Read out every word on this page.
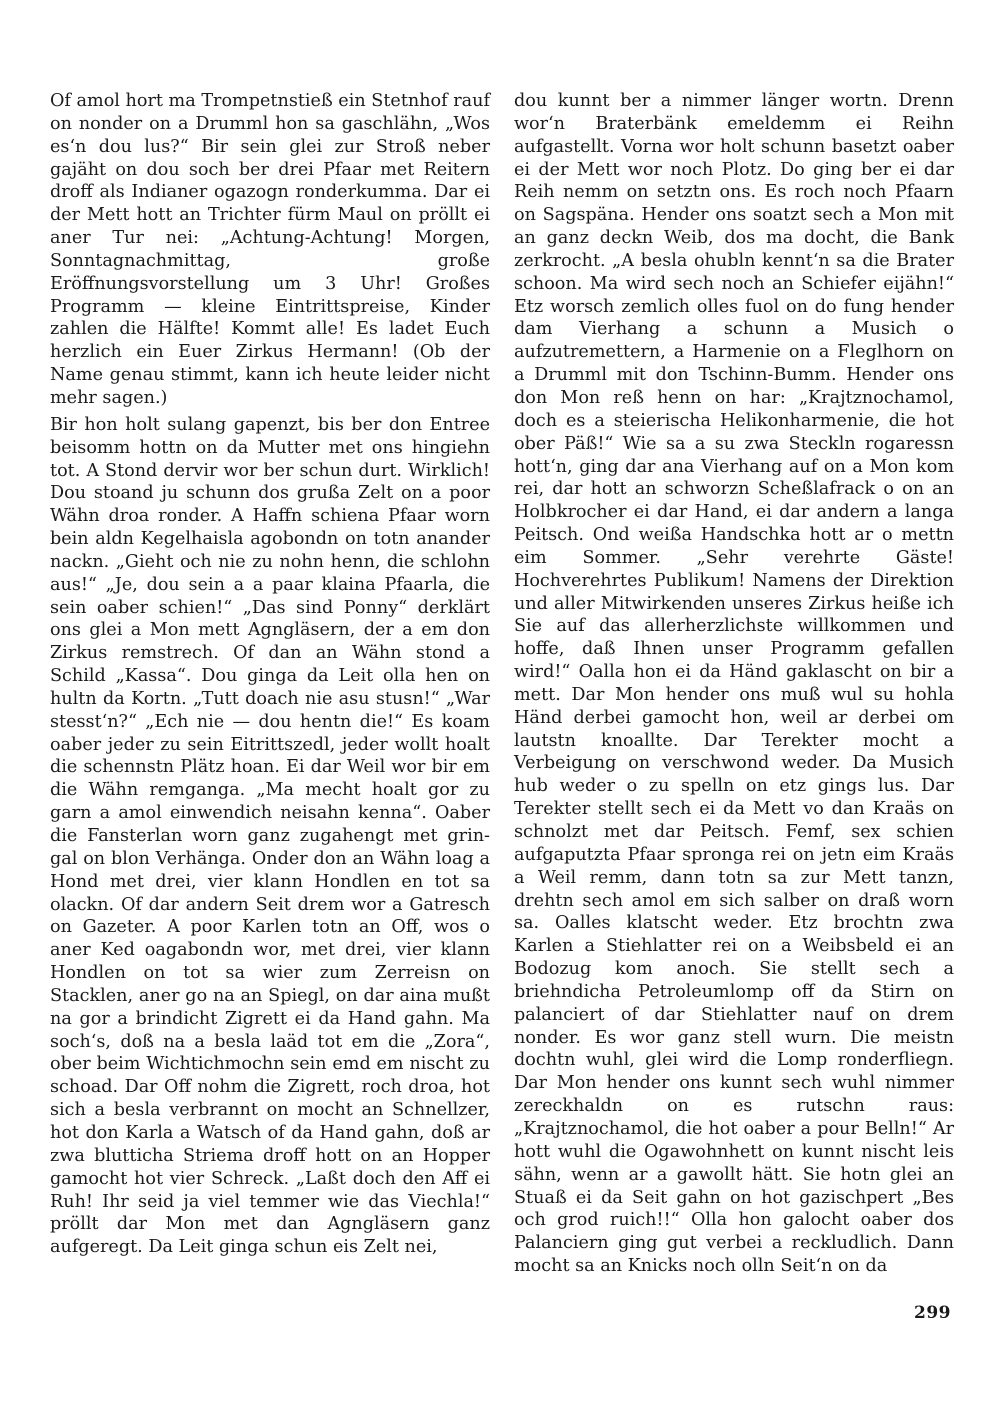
Of amol hort ma Trompetnstieß ein Stetnhof rauf on nonder on a Drumml hon sa gaschlähn, „Wos es‘n dou lus?“ Bir sein glei zur Stroß neber gajäht on dou soch ber drei Pfaar met Reitern droff als Indianer ogazogn ronderkumma. Dar ei der Mett hott an Trichter fürm Maul on pröllt ei aner Tur nei: „Achtung-Achtung! Morgen, Sonntagnachmittag, große Eröffnungsvorstellung um 3 Uhr! Großes Programm — kleine Eintrittspreise, Kinder zahlen die Hälfte! Kommt alle! Es ladet Euch herzlich ein Euer Zirkus Hermann! (Ob der Name genau stimmt, kann ich heute leider nicht mehr sagen.)

Bir hon holt sulang gapenzt, bis ber don Entree beisomm hottn on da Mutter met ons hingiehn tot. A Stond dervir wor ber schun durt. Wirklich! Dou stoand ju schunn dos grußa Zelt on a poor Wähn droa ronder. A Haffn schiena Pfaar worn bein aldn Kegelhaisla agobondn on totn anander nackn. „Gieht och nie zu nohn henn, die schlohn aus!“ „Je, dou sein a a paar klaina Pfaarla, die sein oaber schien!“ „Das sind Ponny“ derklärt ons glei a Mon mett Agngläsern, der a em don Zirkus remstrech. Of dan an Wähn stond a Schild „Kassa“. Dou ginga da Leit olla hen on hultn da Kortn. „Tutt doach nie asu stusn!“ „War stesst‘n?“ „Ech nie — dou hentn die!“ Es koam oaber jeder zu sein Eitrittszedl, jeder wollt hoalt die schennstn Plätz hoan. Ei dar Weil wor bir em die Wähn remganga. „Ma mecht hoalt gor zu garn a amol einwendich neisahn kenna“. Oaber die Fansterlan worn ganz zugahengt met grin-gal on blon Verhänga. Onder don an Wähn loag a Hond met drei, vier klann Hondlen en tot sa olackn. Of dar andern Seit drem wor a Gatresch on Gazeter. A poor Karlen totn an Off, wos o aner Ked oagabondn wor, met drei, vier klann Hondlen on tot sa wier zum Zerreisn on Stacklen, aner go na an Spiegl, on dar aina mußt na gor a brindicht Zigrett ei da Hand gahn. Ma soch‘s, doß na a besla laäd tot em die „Zora“, ober beim Wichtichmochn sein emd em nischt zu schoad. Dar Off nohm die Zigrett, roch droa, hot sich a besla verbrannt on mocht an Schnellzer, hot don Karla a Watsch of da Hand gahn, doß ar zwa blutticha Striema droff hott on an Hopper gamocht hot vier Schreck. „Laßt doch den Aff ei Ruh! Ihr seid ja viel temmer wie das Viechla!“ pröllt dar Mon met dan Agngläsern ganz aufgeregt. Da Leit ginga schun eis Zelt nei,

dou kunnt ber a nimmer länger wortn. Drenn wor‘n Braterbänk emeldemm ei Reihn aufgastellt. Vorna wor holt schunn basetzt oaber ei der Mett wor noch Plotz. Do ging ber ei dar Reih nemm on setztn ons. Es roch noch Pfaarn on Sagspäna. Hender ons soatzt sech a Mon mit an ganz deckn Weib, dos ma docht, die Bank zerkrocht. „A besla ohubln kennt‘n sa die Brater schoon. Ma wird sech noch an Schiefer eijähn!“ Etz worsch zemlich olles fuol on do fung hender dam Vierhang a schunn a Musich o aufzutremettern, a Harmenie on a Fleglhorn on a Drumml mit don Tschinn-Bumm. Hender ons don Mon reß henn on har: „Krajtznochamol, doch es a steierischa Helikonharmenie, die hot ober Päß!“ Wie sa a su zwa Steckln rogaressn hott‘n, ging dar ana Vierhang auf on a Mon kom rei, dar hott an schworzn Scheßlafrack o on an Holbkrocher ei dar Hand, ei dar andern a langa Peitsch. Ond weißa Handschka hott ar o mettn eim Sommer. „Sehr verehrte Gäste! Hochverehrtes Publikum! Namens der Direktion und aller Mitwirkenden unseres Zirkus heiße ich Sie auf das allerherzlichste willkommen und hoffe, daß Ihnen unser Programm gefallen wird!“ Oalla hon ei da Händ gaklascht on bir a mett. Dar Mon hender ons muß wul su hohla Händ derbei gamocht hon, weil ar derbei om lautstn knoallte. Dar Terekter mocht a Verbeigung on verschwond weder. Da Musich hub weder o zu spelln on etz gings lus. Dar Terekter stellt sech ei da Mett vo dan Kraäs on schnolzt met dar Peitsch. Femf, sex schien aufgaputzta Pfaar spronga rei on jetn eim Kraäs a Weil remm, dann totn sa zur Mett tanzn, drehtn sech amol em sich salber on draß worn sa. Oalles klatscht weder. Etz brochtn zwa Karlen a Stiehlatter rei on a Weibsbeld ei an Bodozug kom anoch. Sie stellt sech a briehndicha Petroleumlomp off da Stirn on palanciert of dar Stiehlatter nauf on drem nonder. Es wor ganz stell wurn. Die meistn dochtn wuhl, glei wird die Lomp ronderfliegn. Dar Mon hender ons kunnt sech wuhl nimmer zereckhaldn on es rutschn raus: „Krajtznochamol, die hot oaber a pour Belln!“ Ar hott wuhl die Ogawohnhett on kunnt nischt leis sähn, wenn ar a gawollt hätt. Sie hotn glei an Stuaß ei da Seit gahn on hot gazischpert „Bes och grod ruich!!“ Olla hon galocht oaber dos Palanciern ging gut verbei a reckludlich. Dann mocht sa an Knicks noch olln Seit‘n on da

299
